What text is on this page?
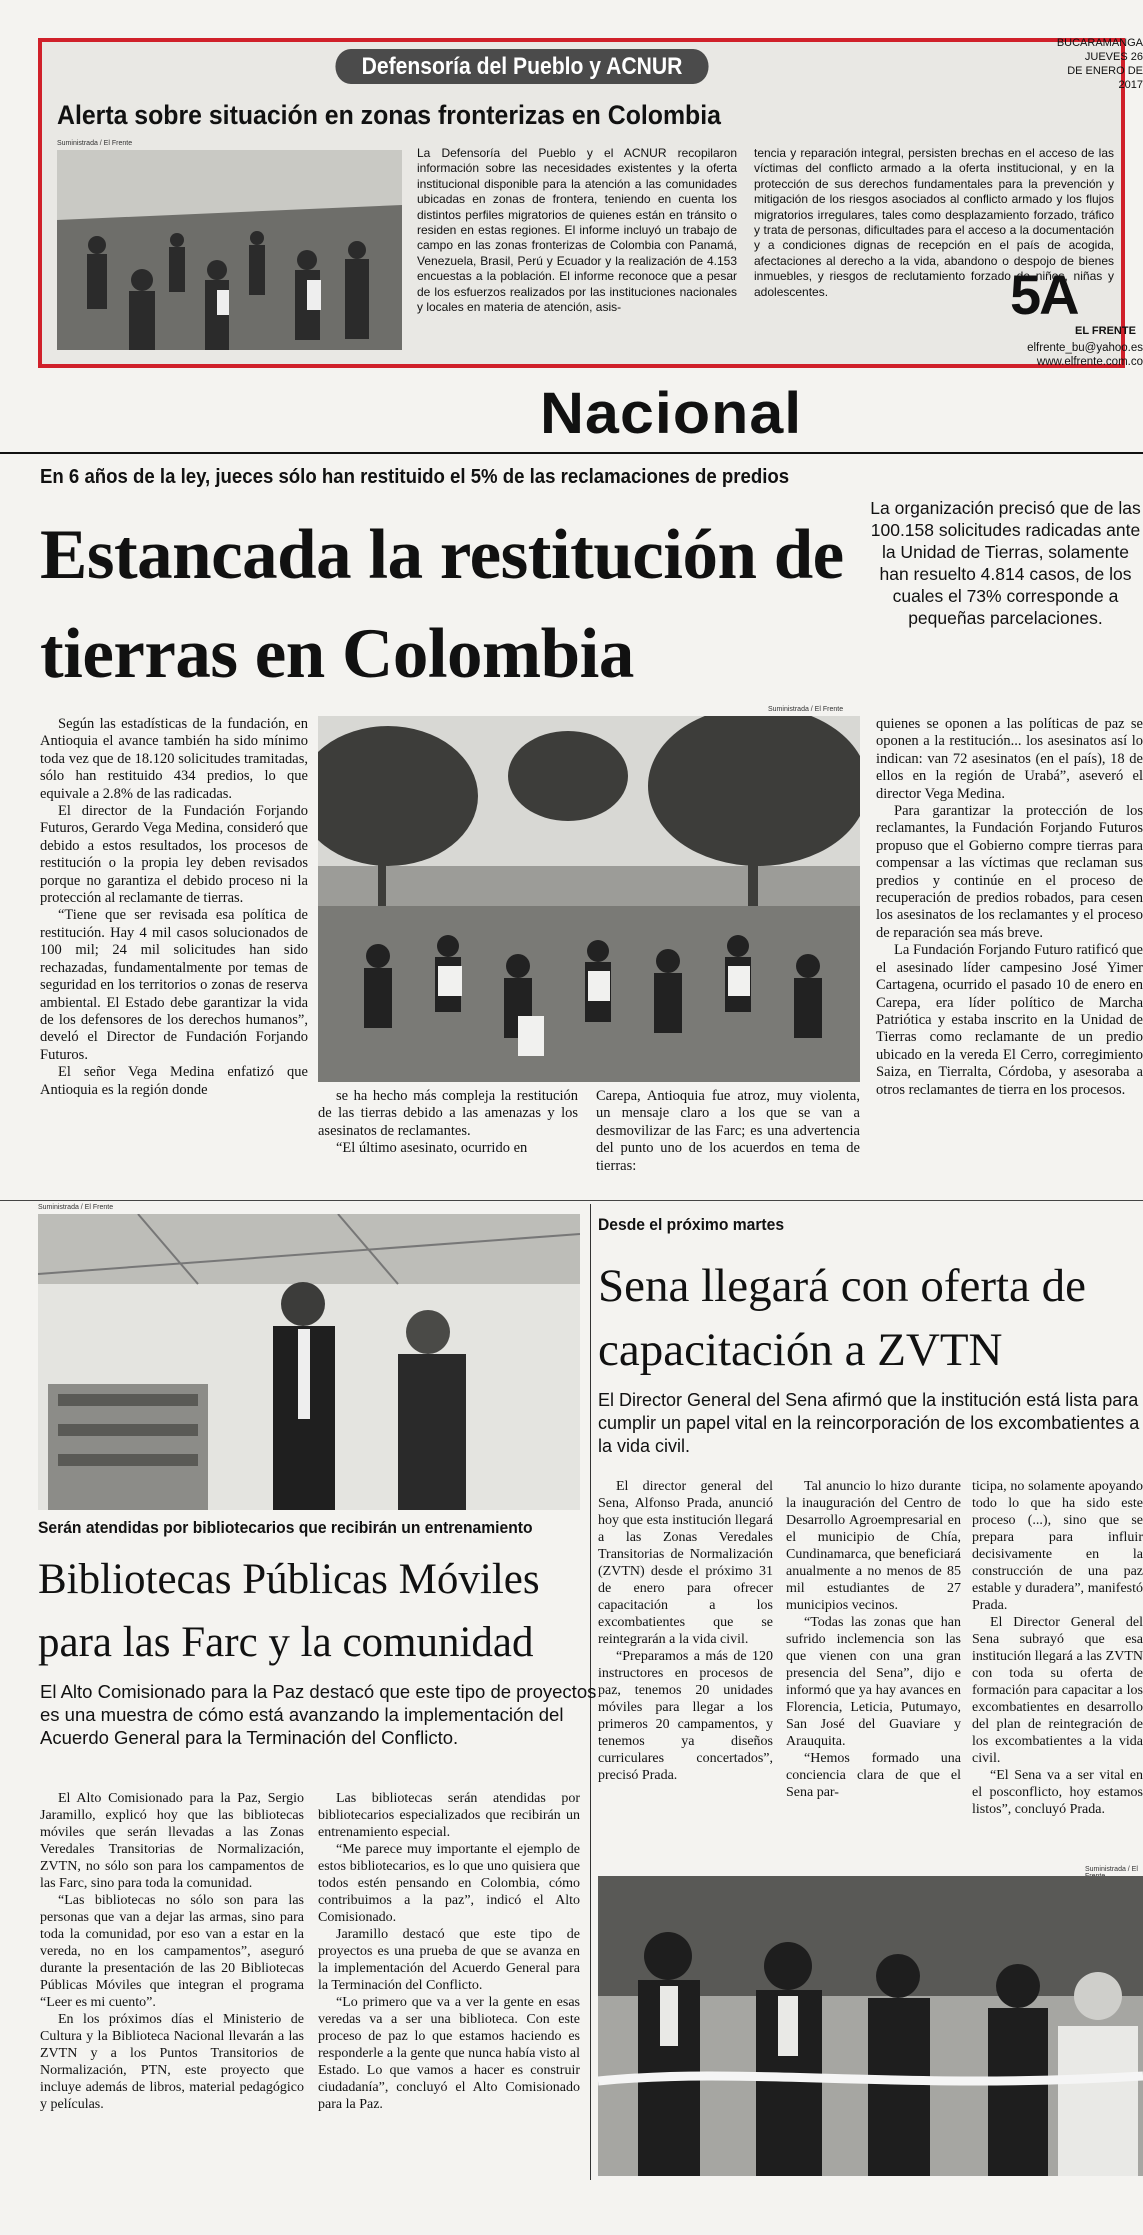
Defensoría del Pueblo y ACNUR
Alerta sobre situación en zonas fronterizas en Colombia
Suministrada / El Frente
La Defensoría del Pueblo y el ACNUR recopilaron información sobre las necesidades existentes y la oferta institucional disponible para la atención a las comunidades ubicadas en zonas de frontera, teniendo en cuenta los distintos perfiles migratorios de quienes están en tránsito o residen en estas regiones. El informe incluyó un trabajo de campo en las zonas fronterizas de Colombia con Panamá, Venezuela, Brasil, Perú y Ecuador y la realización de 4.153 encuestas a la población. El informe reconoce que a pesar de los esfuerzos realizados por las instituciones nacionales y locales en materia de atención, asis-
tencia y reparación integral, persisten brechas en el acceso de las víctimas del conflicto armado a la oferta institucional, y en la protección de sus derechos fundamentales para la prevención y mitigación de los riesgos asociados al conflicto armado y los flujos migratorios irregulares, tales como desplazamiento forzado, tráfico y trata de personas, dificultades para el acceso a la documentación y a condiciones dignas de recepción en el país de acogida, afectaciones al derecho a la vida, abandono o despojo de bienes inmuebles, y riesgos de reclutamiento forzado de niños, niñas y adolescentes.
BUCARAMANGA
JUEVES 26
DE ENERO DE 2017
5A
EL FRENTE
elfrente_bu@yahoo.es
www.elfrente.com.co
Nacional
En 6 años de la ley, jueces sólo han restituido el 5% de las reclamaciones de predios
Estancada la restitución de tierras en Colombia
La organización precisó que de las 100.158 solicitudes radicadas ante la Unidad de Tierras, solamente han resuelto 4.814 casos, de los cuales el 73% corresponde a pequeñas parcelaciones.
Suministrada / El Frente

Según las estadísticas de la fundación, en Antioquia el avance también ha sido mínimo toda vez que de 18.120 solicitudes tramitadas, sólo han restituido 434 predios, lo que equivale a 2.8% de las radicadas.

El director de la Fundación Forjando Futuros, Gerardo Vega Medina, consideró que debido a estos resultados, los procesos de restitución o la propia ley deben revisados porque no garantiza el debido proceso ni la protección al reclamante de tierras.

“Tiene que ser revisada esa política de restitución. Hay 4 mil casos solucionados de 100 mil; 24 mil solicitudes han sido rechazadas, fundamentalmente por temas de seguridad en los territorios o zonas de reserva ambiental. El Estado debe garantizar la vida de los defensores de los derechos humanos”, develó el Director de Fundación Forjando Futuros.

El señor Vega Medina enfatizó que Antioquia es la región donde	se ha hecho más compleja la restitución de las tierras debido a las amenazas y los asesinatos de reclamantes.

“El último asesinato, ocurrido en

Carepa, Antioquia fue atroz, muy violenta, un mensaje claro a los que se van a desmovilizar de las Farc; es una advertencia del punto uno de los acuerdos en tema de tierras:

quienes se oponen a las políticas de paz se oponen a la restitución... los asesinatos así lo indican: van 72 asesinatos (en el país), 18 de ellos en la región de Urabá”, aseveró el director Vega Medina.

Para garantizar la protección de los reclamantes, la Fundación Forjando Futuros propuso que el Gobierno compre tierras para compensar a las víctimas que reclaman sus predios y continúe en el proceso de recuperación de predios robados, para cesen los asesinatos de los reclamantes y el proceso de reparación sea más breve.

La Fundación Forjando Futuro ratificó que el asesinado líder campesino José Yimer Cartagena, ocurrido el pasado 10 de enero en Carepa, era líder político de Marcha Patriótica y estaba inscrito en la Unidad de Tierras como reclamante de un predio ubicado en la vereda El Cerro, corregimiento Saiza, en Tierralta, Córdoba, y asesoraba a otros reclamantes de tierra en los procesos.

Suministrada / El Frente
Serán atendidas por bibliotecarios que recibirán un entrenamiento
Bibliotecas Públicas Móviles para las Farc y la comunidad
El Alto Comisionado para la Paz destacó que este tipo de proyectos es una muestra de cómo está avanzando la implementación del Acuerdo General para la Terminación del Conflicto.

El Alto Comisionado para la Paz, Sergio Jaramillo, explicó hoy que las bibliotecas móviles que serán llevadas a las Zonas Veredales Transitorias de Normalización, ZVTN, no sólo son para los campamentos de las Farc, sino para toda la comunidad.

“Las bibliotecas no sólo son para las personas que van a dejar las armas, sino para toda la comunidad, por eso van a estar en la vereda, no en los campamentos”, aseguró durante la presentación de las 20 Bibliotecas Públicas Móviles que integran el programa “Leer es mi cuento”.

En los próximos días el Ministerio de Cultura y la Biblioteca Nacional llevarán a las ZVTN y a los Puntos Transitorios de Normalización, PTN, este proyecto que incluye además de libros, material pedagógico y películas.

Las bibliotecas serán atendidas por bibliotecarios especializados que recibirán un entrenamiento especial.

“Me parece muy importante el ejemplo de estos bibliotecarios, es lo que uno quisiera que todos estén pensando en Colombia, cómo contribuimos a la paz”, indicó el Alto Comisionado.

Jaramillo destacó que este tipo de proyectos es una prueba de que se avanza en la implementación del Acuerdo General para la Terminación del Conflicto.

“Lo primero que va a ver la gente en esas veredas va a ser una biblioteca. Con este proceso de paz lo que estamos haciendo es responderle a la gente que nunca había visto al Estado. Lo que vamos a hacer es construir ciudadanía”, concluyó el Alto Comisionado para la Paz.

Desde el próximo martes
Sena llegará con oferta de capacitación a ZVTN
El Director General del Sena afirmó que la institución está lista para cumplir un papel vital en la reincorporación de los excombatientes a la vida civil.

El director general del Sena, Alfonso Prada, anunció hoy que esta institución llegará a las Zonas Veredales Transitorias de Normalización (ZVTN) desde el próximo 31 de enero para ofrecer capacitación a los excombatientes que se reintegrarán a la vida civil.

“Preparamos a más de 120 instructores en procesos de paz, tenemos 20 unidades móviles para llegar a los primeros 20 campamentos, y tenemos ya diseños curriculares concertados”, precisó Prada.

Tal anuncio lo hizo durante la inauguración del Centro de Desarrollo Agroempresarial en el municipio de Chía, Cundinamarca, que beneficiará anualmente a no menos de 85 mil estudiantes de 27 municipios vecinos.

“Todas las zonas que han sufrido inclemencia son las que vienen con una gran presencia del Sena”, dijo e informó que ya hay avances en Florencia, Leticia, Putumayo, San José del Guaviare y Arauquita.

“Hemos formado una conciencia clara de que el Sena par-

ticipa, no solamente apoyando todo lo que ha sido este proceso (...), sino que se prepara para influir decisivamente en la construcción de una paz estable y duradera”, manifestó Prada.

El Director General del Sena subrayó que esa institución llegará a las ZVTN con toda su oferta de formación para capacitar a los excombatientes en desarrollo del plan de reintegración de los excombatientes a la vida civil.

“El Sena va a ser vital en el posconflicto, hoy estamos listos”, concluyó Prada.

Suministrada / El
